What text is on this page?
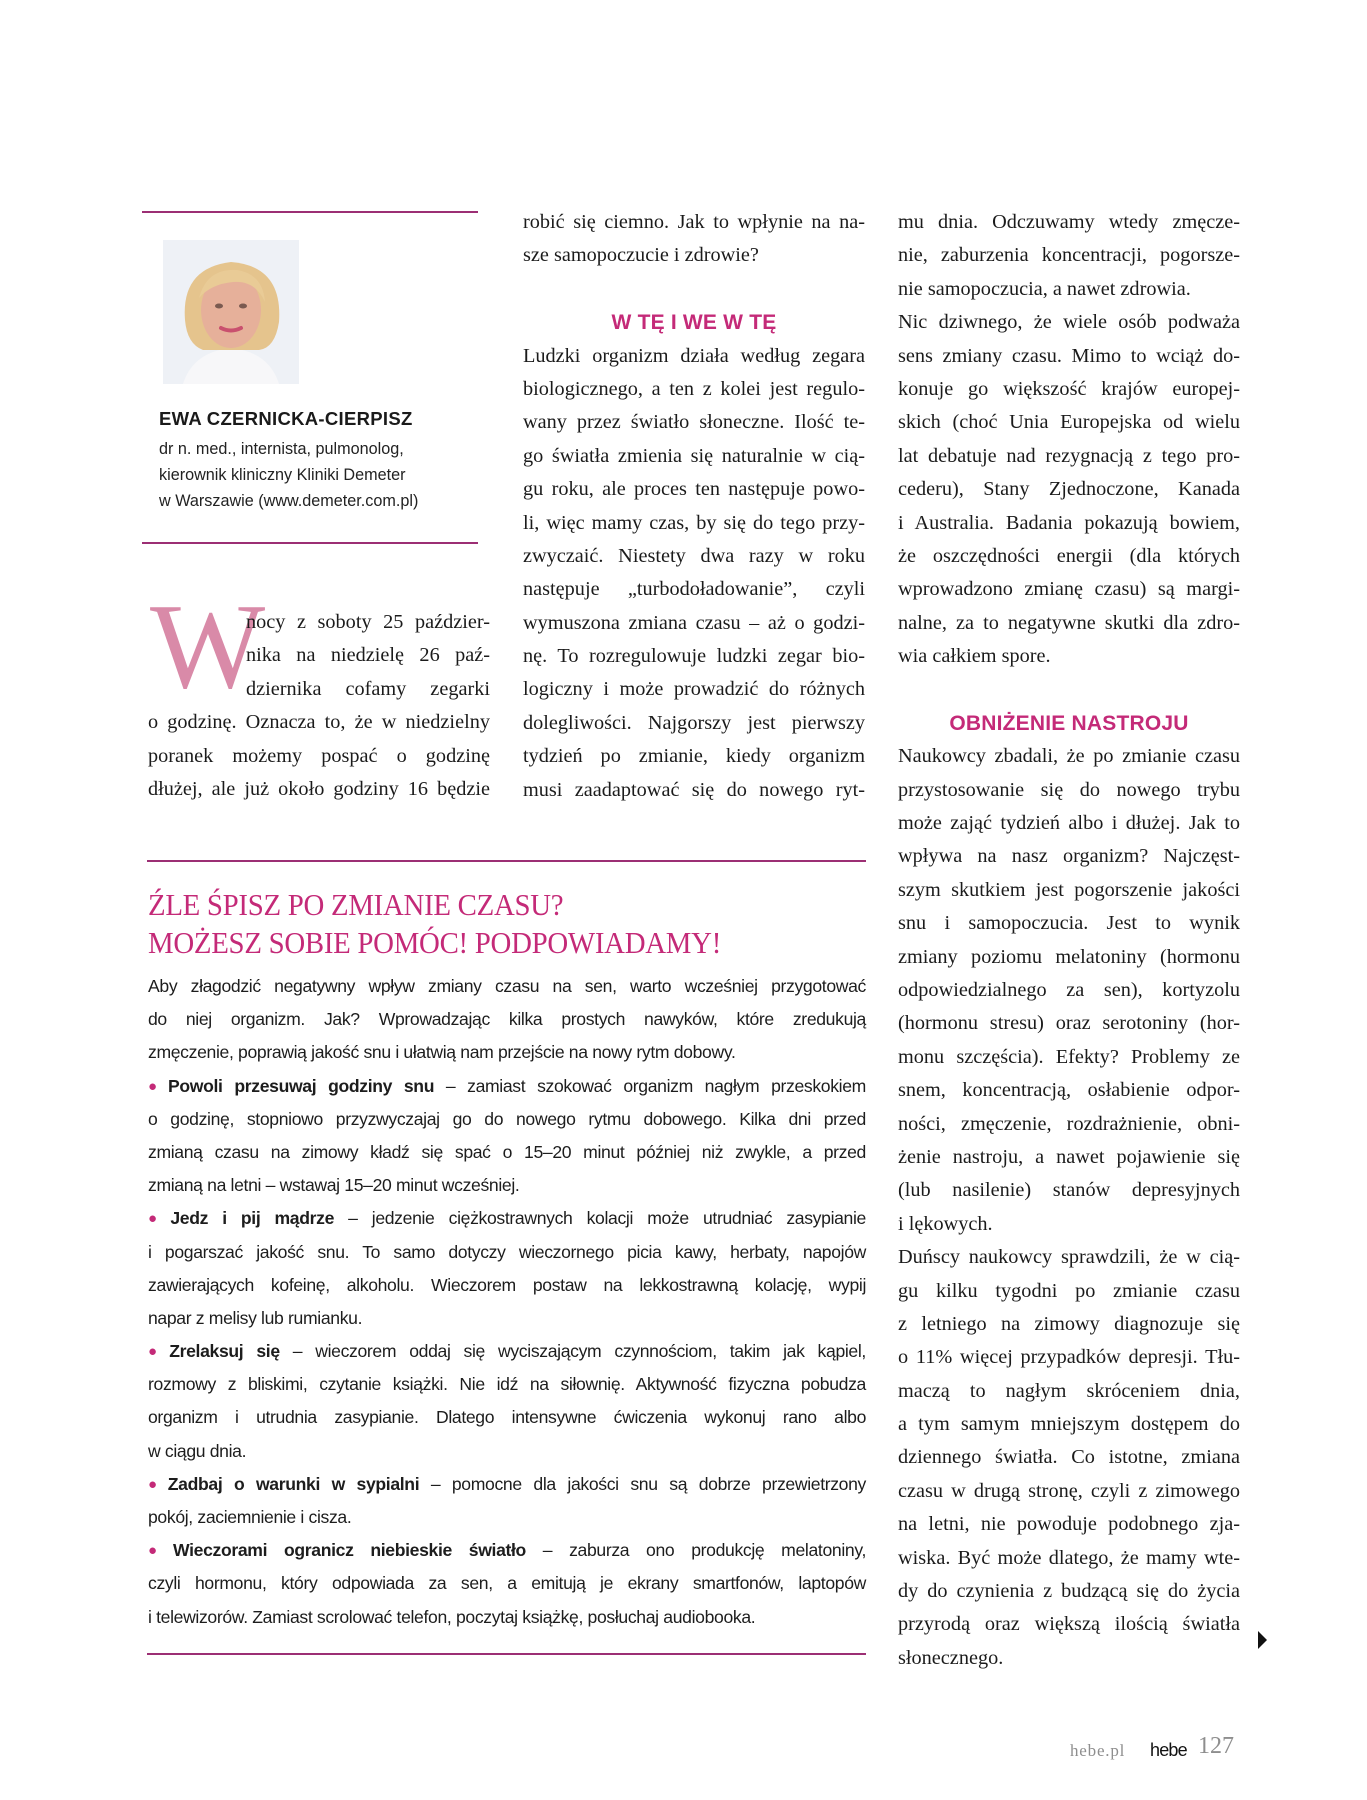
EWA CZERNICKA-CIERPISZ
dr n. med., internista, pulmonolog,
kierownik kliniczny Kliniki Demeter
w Warszawie (www.demeter.com.pl)
W
nocy z soboty 25 paździer-
nika na niedzielę 26 paź-
dziernika cofamy zegarki
o godzinę. Oznacza to, że w niedzielny
poranek możemy pospać o godzinę
dłużej, ale już około godziny 16 będzie
robić się ciemno. Jak to wpłynie na na-
sze samopoczucie i zdrowie?
W TĘ I WE W TĘ
Ludzki organizm działa według zegara
biologicznego, a ten z kolei jest regulo-
wany przez światło słoneczne. Ilość te-
go światła zmienia się naturalnie w cią-
gu roku, ale proces ten następuje powo-
li, więc mamy czas, by się do tego przy-
zwyczaić. Niestety dwa razy w roku
następuje „turbodoładowanie”, czyli
wymuszona zmiana czasu – aż o godzi-
nę. To rozregulowuje ludzki zegar bio-
logiczny i może prowadzić do różnych
dolegliwości. Najgorszy jest pierwszy
tydzień po zmianie, kiedy organizm
musi zaadaptować się do nowego ryt-
mu dnia. Odczuwamy wtedy zmęcze-
nie, zaburzenia koncentracji, pogorsze-
nie samopoczucia, a nawet zdrowia.
Nic dziwnego, że wiele osób podważa
sens zmiany czasu. Mimo to wciąż do-
konuje go większość krajów europej-
skich (choć Unia Europejska od wielu
lat debatuje nad rezygnacją z tego pro-
cederu), Stany Zjednoczone, Kanada
i Australia. Badania pokazują bowiem,
że oszczędności energii (dla których
wprowadzono zmianę czasu) są margi-
nalne, za to negatywne skutki dla zdro-
wia całkiem spore.
OBNIŻENIE NASTROJU
Naukowcy zbadali, że po zmianie czasu
przystosowanie się do nowego trybu
może zająć tydzień albo i dłużej. Jak to
wpływa na nasz organizm? Najczęst-
szym skutkiem jest pogorszenie jakości
snu i samopoczucia. Jest to wynik
zmiany poziomu melatoniny (hormonu
odpowiedzialnego za sen), kortyzolu
(hormonu stresu) oraz serotoniny (hor-
monu szczęścia). Efekty? Problemy ze
snem, koncentracją, osłabienie odpor-
ności, zmęczenie, rozdrażnienie, obni-
żenie nastroju, a nawet pojawienie się
(lub nasilenie) stanów depresyjnych
i lękowych.
Duńscy naukowcy sprawdzili, że w cią-
gu kilku tygodni po zmianie czasu
z letniego na zimowy diagnozuje się
o 11% więcej przypadków depresji. Tłu-
maczą to nagłym skróceniem dnia,
a tym samym mniejszym dostępem do
dziennego światła. Co istotne, zmiana
czasu w drugą stronę, czyli z zimowego
na letni, nie powoduje podobnego zja-
wiska. Być może dlatego, że mamy wte-
dy do czynienia z budzącą się do życia
przyrodą oraz większą ilością światła
słonecznego.
ŹLE ŚPISZ PO ZMIANIE CZASU?
MOŻESZ SOBIE POMÓC! PODPOWIADAMY!
Aby złagodzić negatywny wpływ zmiany czasu na sen, warto wcześniej przygotować
do niej organizm. Jak? Wprowadzając kilka prostych nawyków, które zredukują
zmęczenie, poprawią jakość snu i ułatwią nam przejście na nowy rytm dobowy.
● Powoli przesuwaj godziny snu – zamiast szokować organizm nagłym przeskokiem
o godzinę, stopniowo przyzwyczajaj go do nowego rytmu dobowego. Kilka dni przed
zmianą czasu na zimowy kładź się spać o 15–20 minut później niż zwykle, a przed
zmianą na letni – wstawaj 15–20 minut wcześniej.
● Jedz i pij mądrze – jedzenie ciężkostrawnych kolacji może utrudniać zasypianie
i pogarszać jakość snu. To samo dotyczy wieczornego picia kawy, herbaty, napojów
zawierających kofeinę, alkoholu. Wieczorem postaw na lekkostrawną kolację, wypij
napar z melisy lub rumianku.
● Zrelaksuj się – wieczorem oddaj się wyciszającym czynnościom, takim jak kąpiel,
rozmowy z bliskimi, czytanie książki. Nie idź na siłownię. Aktywność fizyczna pobudza
organizm i utrudnia zasypianie. Dlatego intensywne ćwiczenia wykonuj rano albo
w ciągu dnia.
● Zadbaj o warunki w sypialni – pomocne dla jakości snu są dobrze przewietrzony
pokój, zaciemnienie i cisza.
● Wieczorami ogranicz niebieskie światło – zaburza ono produkcję melatoniny,
czyli hormonu, który odpowiada za sen, a emitują je ekrany smartfonów, laptopów
i telewizorów. Zamiast scrolować telefon, poczytaj książkę, posłuchaj audiobooka.
hebe.pl hebe 127
